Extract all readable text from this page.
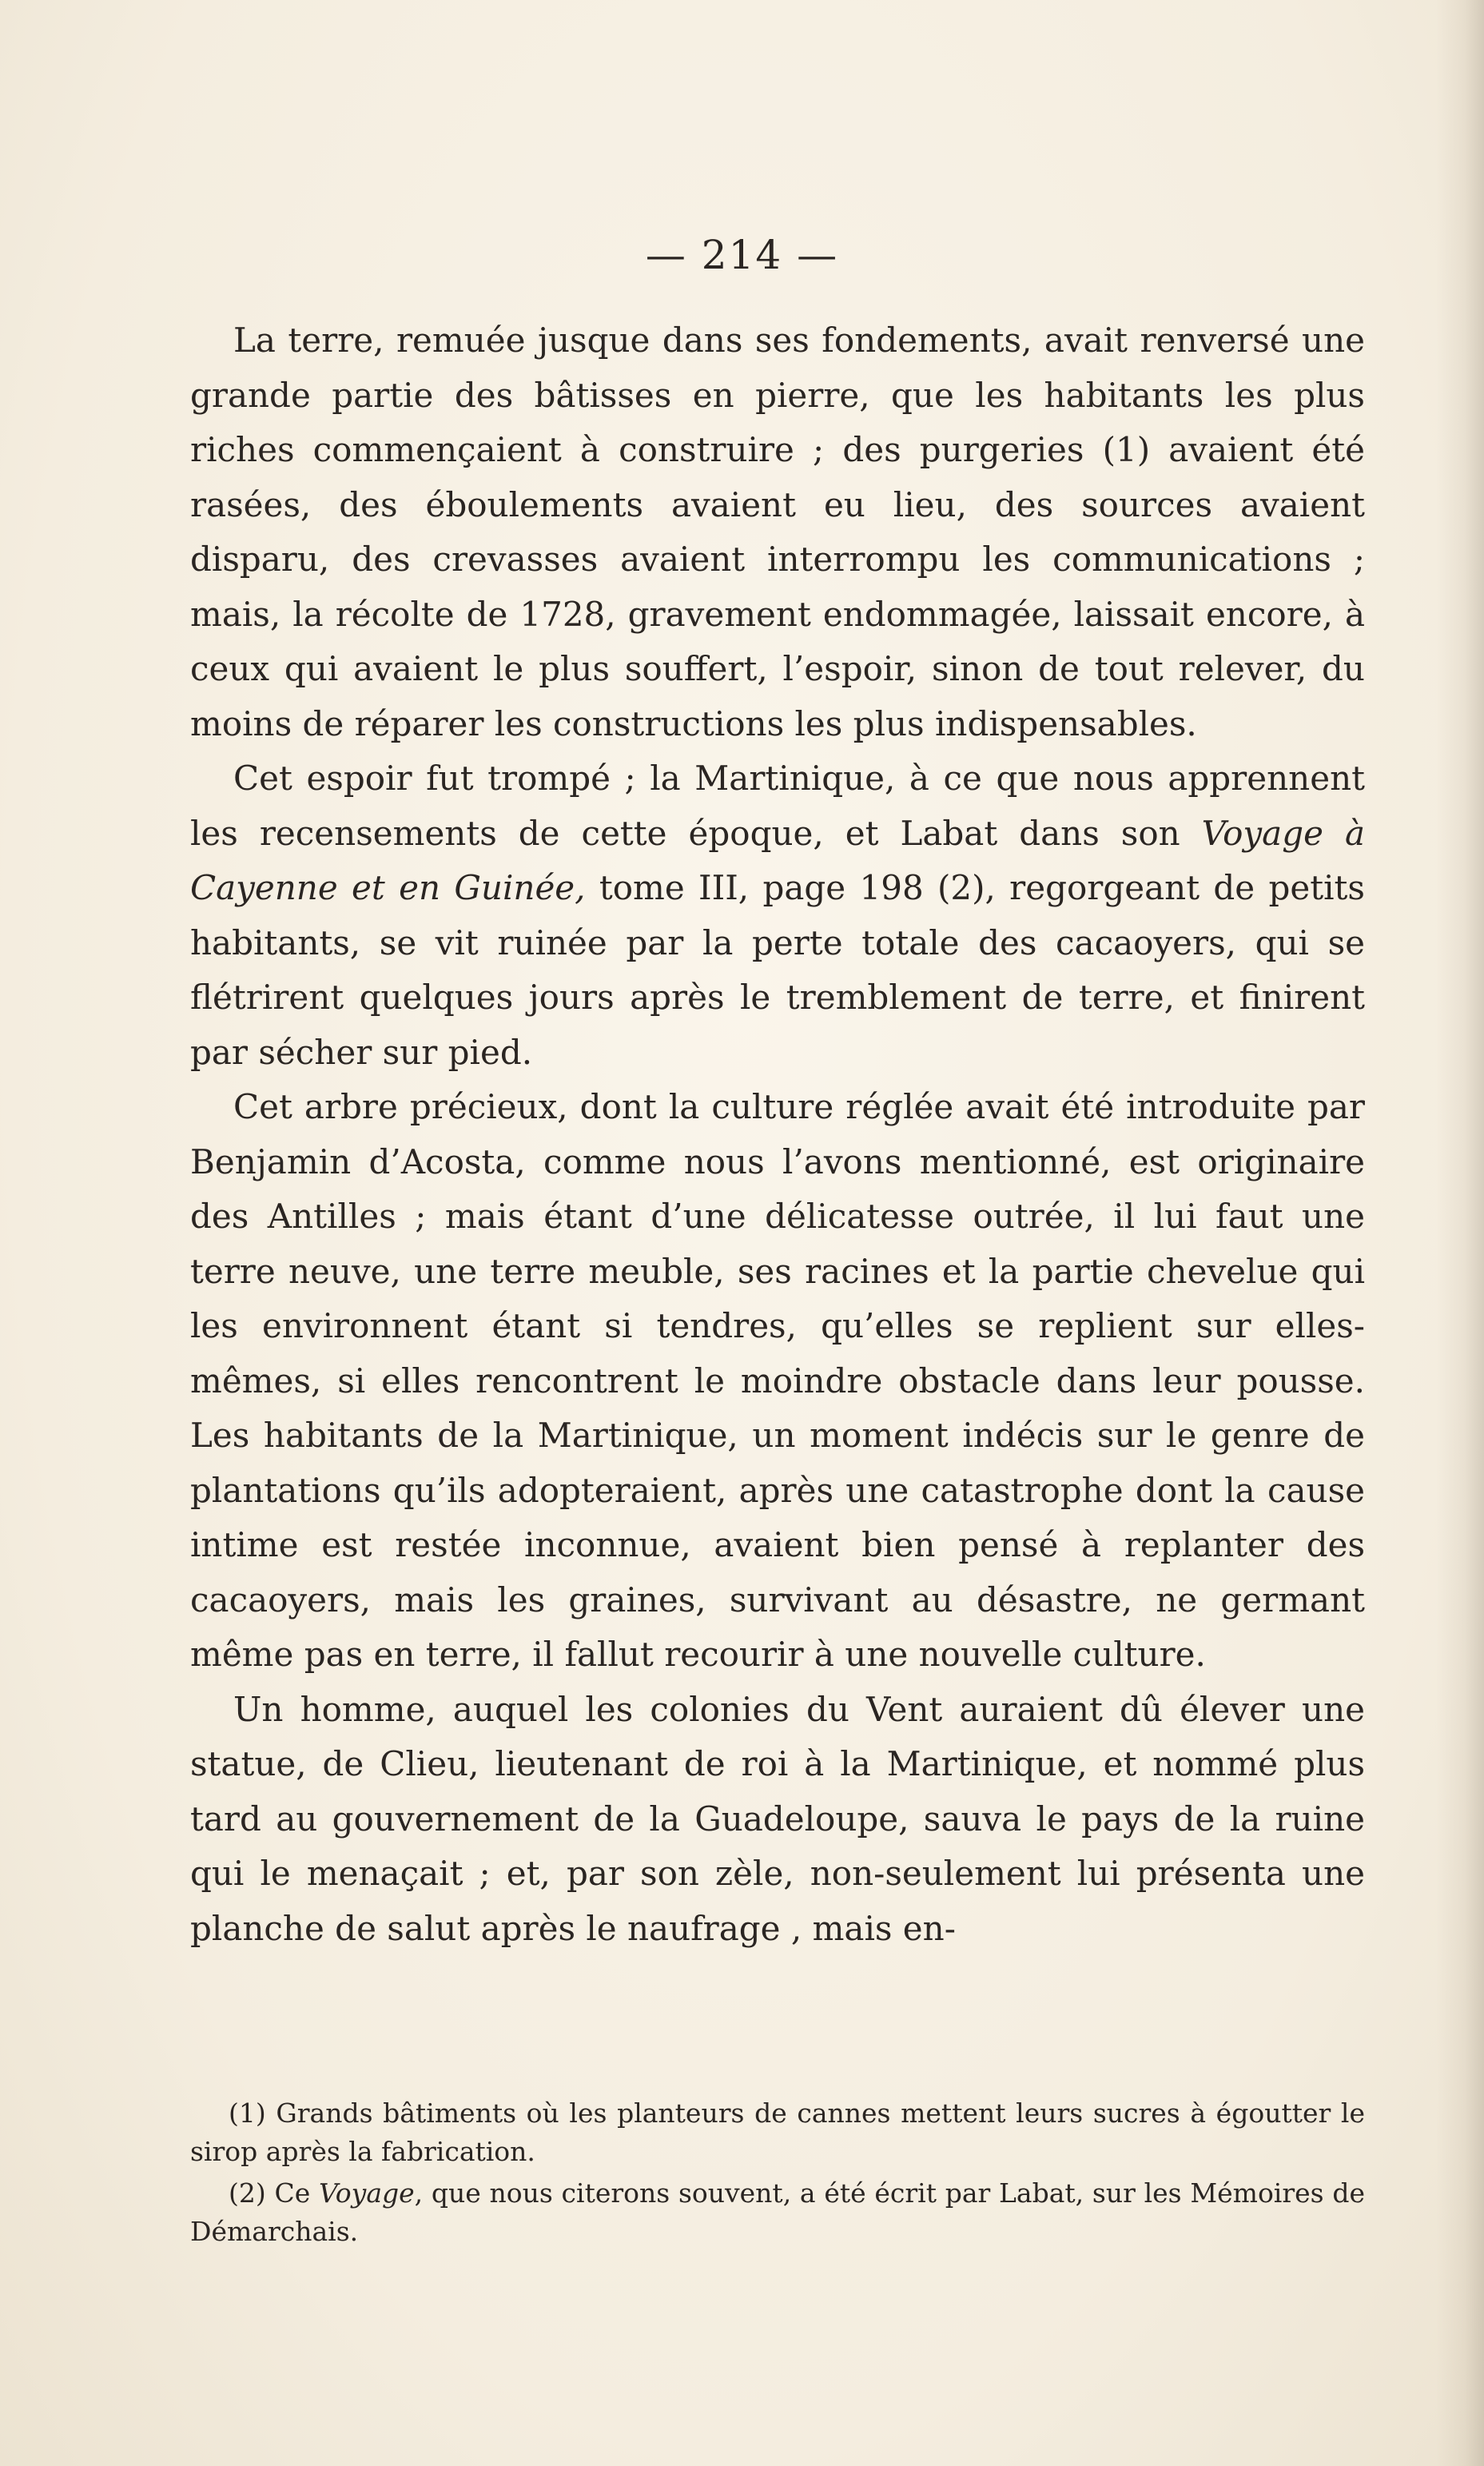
— 214 —

La terre, remuée jusque dans ses fondements, avait renversé une grande partie des bâtisses en pierre, que les habitants les plus riches commençaient à construire ; des purgeries (1) avaient été rasées, des éboulements avaient eu lieu, des sources avaient disparu, des crevasses avaient interrompu les communications ; mais, la récolte de 1728, gravement endommagée, laissait encore, à ceux qui avaient le plus souffert, l’espoir, sinon de tout relever, du moins de réparer les constructions les plus indispensables.

Cet espoir fut trompé ; la Martinique, à ce que nous apprennent les recensements de cette époque, et Labat dans son Voyage à Cayenne et en Guinée, tome III, page 198 (2), regorgeant de petits habitants, se vit ruinée par la perte totale des cacaoyers, qui se flétrirent quelques jours après le tremblement de terre, et finirent par sécher sur pied.

Cet arbre précieux, dont la culture réglée avait été introduite par Benjamin d’Acosta, comme nous l’avons mentionné, est originaire des Antilles ; mais étant d’une délicatesse outrée, il lui faut une terre neuve, une terre meuble, ses racines et la partie chevelue qui les environnent étant si tendres, qu’elles se replient sur elles-mêmes, si elles rencontrent le moindre obstacle dans leur pousse. Les habitants de la Martinique, un moment indécis sur le genre de plantations qu’ils adopteraient, après une catastrophe dont la cause intime est restée inconnue, avaient bien pensé à replanter des cacaoyers, mais les graines, survivant au désastre, ne germant même pas en terre, il fallut recourir à une nouvelle culture.

Un homme, auquel les colonies du Vent auraient dû élever une statue, de Clieu, lieutenant de roi à la Martinique, et nommé plus tard au gouvernement de la Guadeloupe, sauva le pays de la ruine qui le menaçait ; et, par son zèle, non-seulement lui présenta une planche de salut après le naufrage , mais en-

(1) Grands bâtiments où les planteurs de cannes mettent leurs sucres à égoutter le sirop après la fabrication.

(2) Ce Voyage, que nous citerons souvent, a été écrit par Labat, sur les Mémoires de Démarchais.
